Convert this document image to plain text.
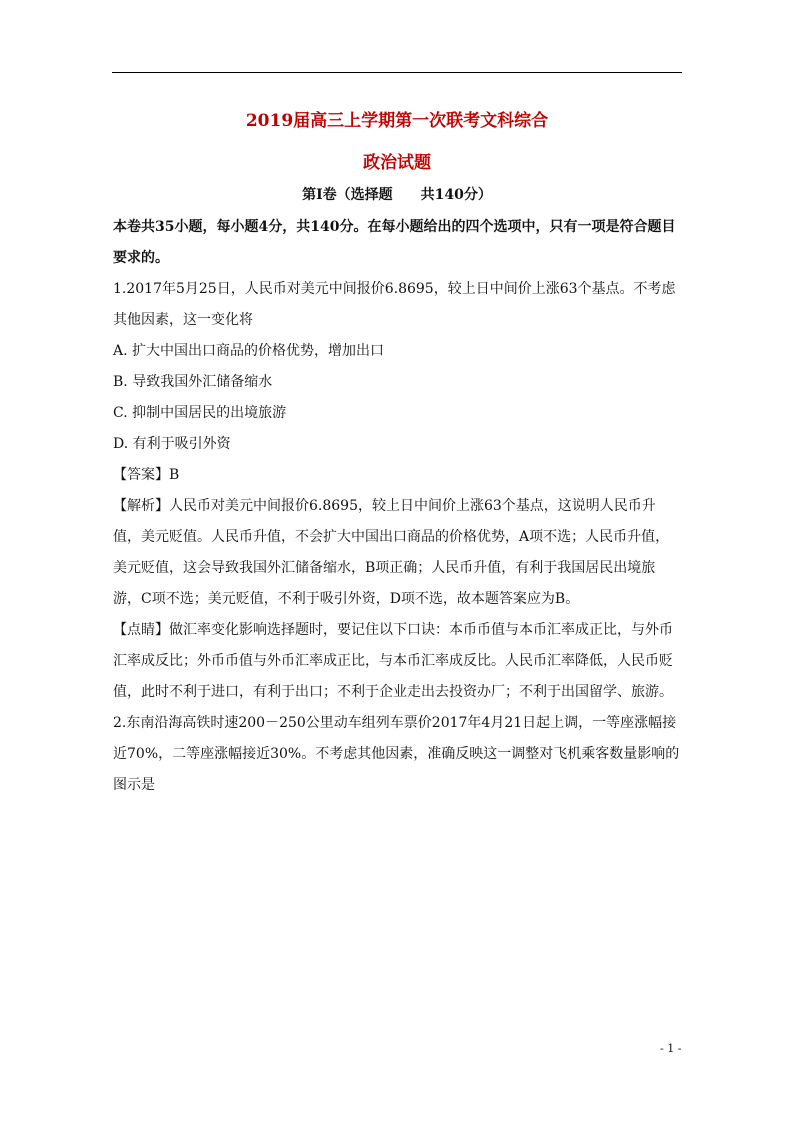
2019届高三上学期第一次联考文科综合
政治试题
第Ⅰ卷（选择题　　共140分）

本卷共35小题，每小题4分，共140分。在每小题给出的四个选项中，只有一项是符合题目要求的。

1.2017年5月25日，人民币对美元中间报价6.8695，较上日中间价上涨63个基点。不考虑其他因素，这一变化将

A. 扩大中国出口商品的价格优势，增加出口

B. 导致我国外汇储备缩水

C. 抑制中国居民的出境旅游

D. 有利于吸引外资

【答案】B

【解析】人民币对美元中间报价6.8695，较上日中间价上涨63个基点，这说明人民币升值，美元贬值。人民币升值，不会扩大中国出口商品的价格优势，A项不选；人民币升值，美元贬值，这会导致我国外汇储备缩水，B项正确；人民币升值，有利于我国居民出境旅游，C项不选；美元贬值，不利于吸引外资，D项不选，故本题答案应为B。

【点睛】做汇率变化影响选择题时，要记住以下口诀：本币币值与本币汇率成正比，与外币汇率成反比；外币币值与外币汇率成正比，与本币汇率成反比。人民币汇率降低，人民币贬值，此时不利于进口，有利于出口；不利于企业走出去投资办厂；不利于出国留学、旅游。

2.东南沿海高铁时速200－250公里动车组列车票价2017年4月21日起上调，一等座涨幅接近70%，二等座涨幅接近30%。不考虑其他因素，准确反映这一调整对飞机乘客数量影响的图示是

- 1 -
